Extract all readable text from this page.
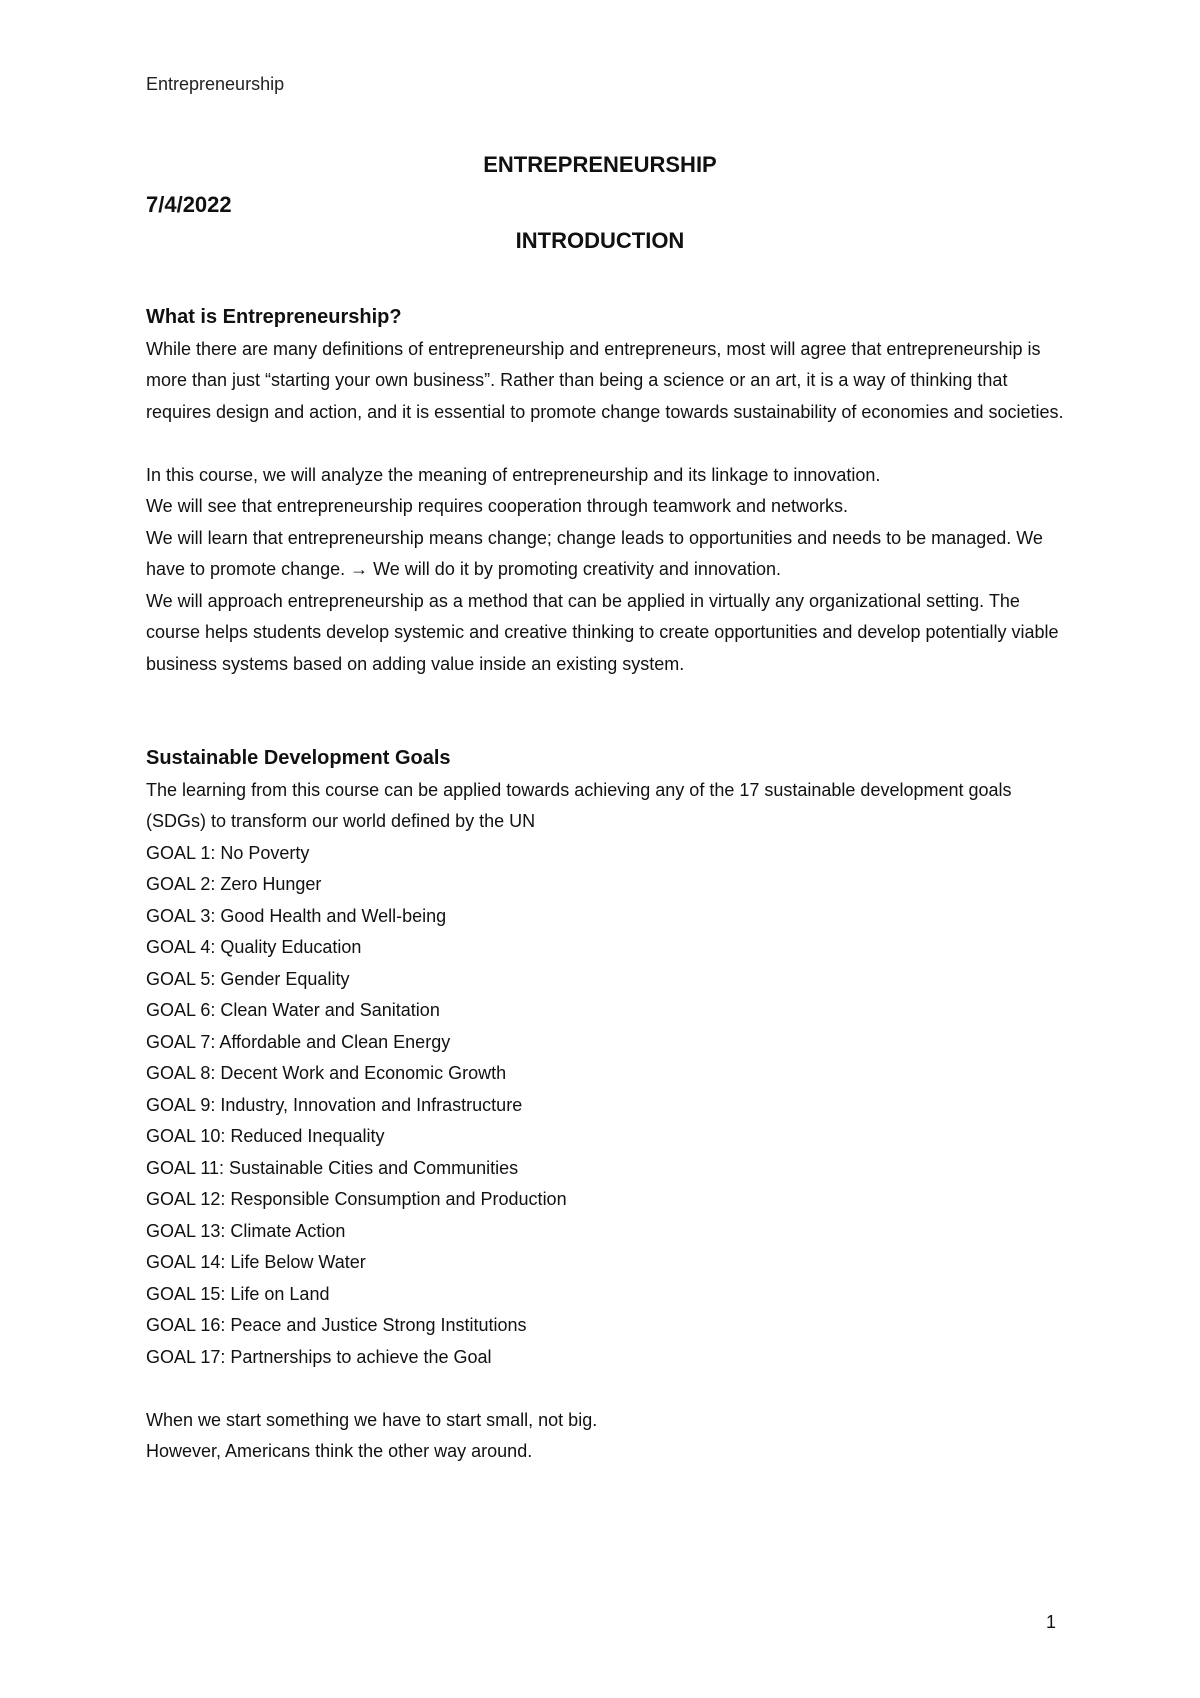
Entrepreneurship
ENTREPRENEURSHIP
7/4/2022
INTRODUCTION
What is Entrepreneurship?

While there are many definitions of entrepreneurship and entrepreneurs, most will agree that entrepreneurship is more than just “starting your own business”. Rather than being a science or an art, it is a way of thinking that requires design and action, and it is essential to promote change towards sustainability of economies and societies.

In this course, we will analyze the meaning of entrepreneurship and its linkage to innovation.

We will see that entrepreneurship requires cooperation through teamwork and networks.

We will learn that entrepreneurship means change; change leads to opportunities and needs to be managed. We have to promote change. → We will do it by promoting creativity and innovation.

We will approach entrepreneurship as a method that can be applied in virtually any organizational setting. The course helps students develop systemic and creative thinking to create opportunities and develop potentially viable business systems based on adding value inside an existing system.

Sustainable Development Goals

The learning from this course can be applied towards achieving any of the 17 sustainable development goals (SDGs) to transform our world defined by the UN

GOAL 1: No Poverty
GOAL 2: Zero Hunger
GOAL 3: Good Health and Well-being
GOAL 4: Quality Education
GOAL 5: Gender Equality
GOAL 6: Clean Water and Sanitation
GOAL 7: Affordable and Clean Energy
GOAL 8: Decent Work and Economic Growth
GOAL 9: Industry, Innovation and Infrastructure
GOAL 10: Reduced Inequality
GOAL 11: Sustainable Cities and Communities
GOAL 12: Responsible Consumption and Production
GOAL 13: Climate Action
GOAL 14: Life Below Water
GOAL 15: Life on Land
GOAL 16: Peace and Justice Strong Institutions
GOAL 17: Partnerships to achieve the Goal

When we start something we have to start small, not big.

However, Americans think the other way around.

1
